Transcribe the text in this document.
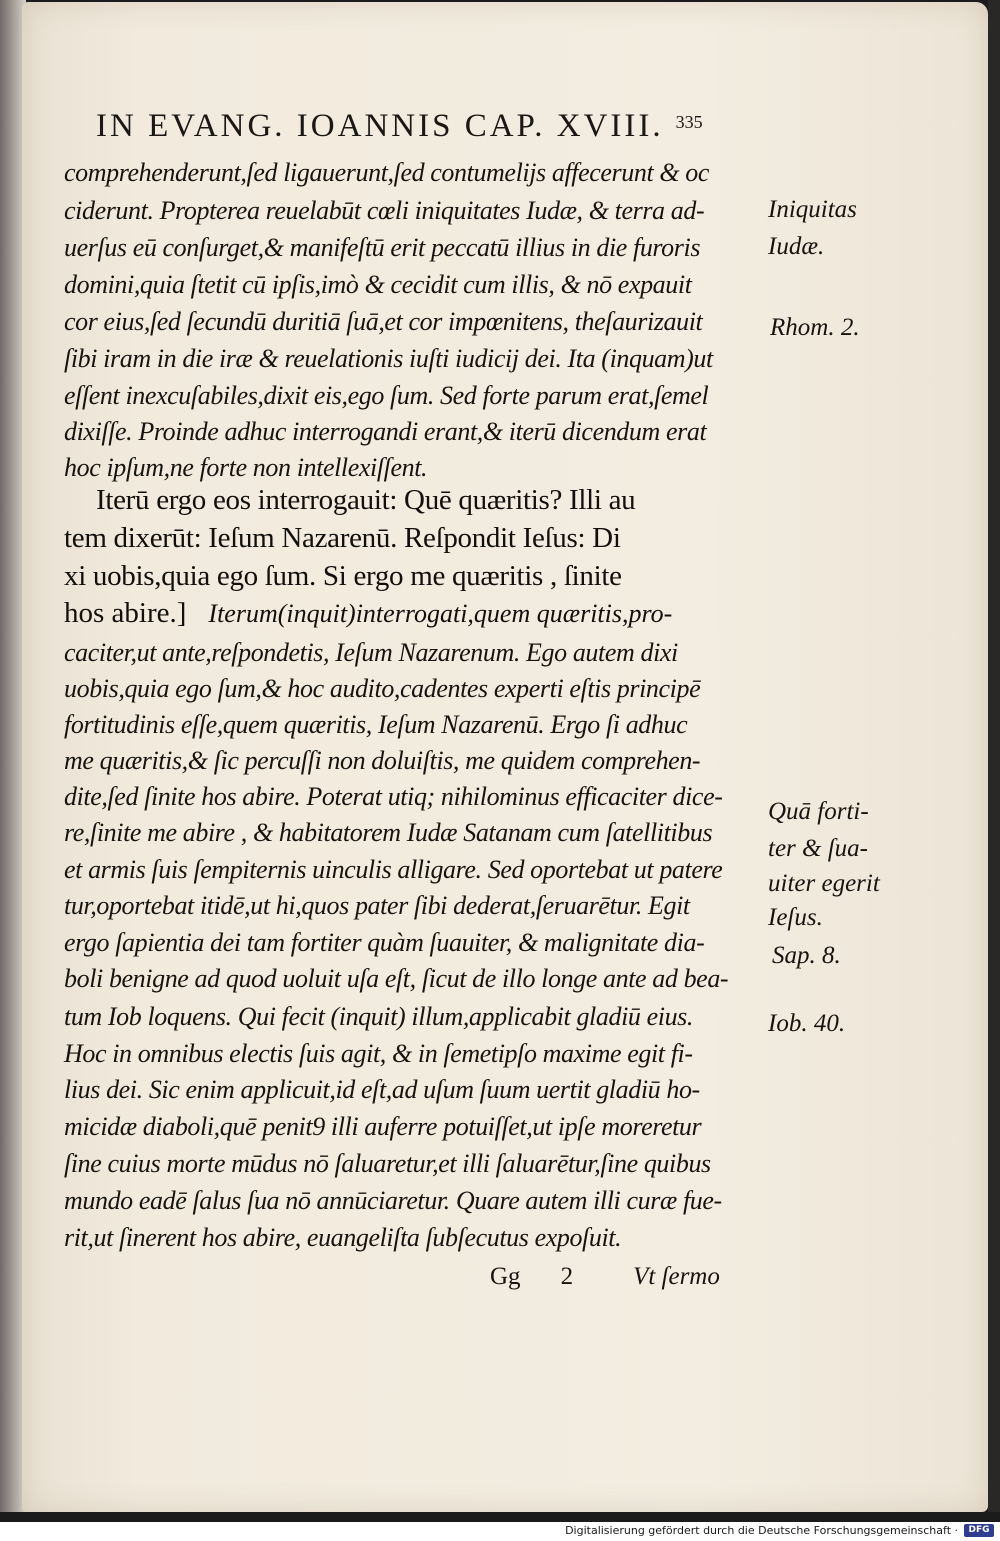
IN EVANG. IOANNIS CAP. XVIII. $^{335}$
comprehenderunt,ſed ligauerunt,ſed contumelijs affecerunt & oc
ciderunt. Propterea reuelabūt cœli iniquitates Iudæ, & terra ad-
uerſus eū conſurget,& manifeſtū erit peccatū illius in die furoris
domini,quia ſtetit cū ipſis,imò & cecidit cum illis, & nō expauit
cor eius,ſed ſecundū duritiā ſuā,et cor impœnitens, theſaurizauit
ſibi iram in die iræ & reuelationis iuſti iudicij dei. Ita (inquam)ut
eſſent inexcuſabiles,dixit eis,ego ſum. Sed forte parum erat,ſemel
dixiſſe. Proinde adhuc interrogandi erant,& iterū dicendum erat
hoc ipſum,ne forte non intellexiſſent.
Iterū ergo eos interrogauit: Quē quæritis? Illi au
tem dixerūt: Ieſum Nazarenū. Reſpondit Ieſus: Di
xi uobis,quia ego ſum. Si ergo me quæritis , ſinite
hos abire.] Iterum(inquit)interrogati,quem quæritis,pro-
caciter,ut ante,reſpondetis, Ieſum Nazarenum. Ego autem dixi
uobis,quia ego ſum,& hoc audito,cadentes experti eſtis principē
fortitudinis eſſe,quem quæritis, Ieſum Nazarenū. Ergo ſi adhuc
me quæritis,& ſic percuſſi non doluiſtis, me quidem comprehen-
dite,ſed ſinite hos abire. Poterat utiq; nihilominus efficaciter dice-
re,ſinite me abire , & habitatorem Iudæ Satanam cum ſatellitibus
et armis ſuis ſempiternis uinculis alligare. Sed oportebat ut patere
tur,oportebat itidē,ut hi,quos pater ſibi dederat,ſeruarētur. Egit
ergo ſapientia dei tam fortiter quàm ſuauiter, & malignitate dia-
boli benigne ad quod uoluit uſa eſt, ſicut de illo longe ante ad bea-
tum Iob loquens. Qui fecit (inquit) illum,applicabit gladiū eius.
Hoc in omnibus electis ſuis agit, & in ſemetipſo maxime egit fi-
lius dei. Sic enim applicuit,id eſt,ad uſum ſuum uertit gladiū ho-
micidæ diaboli,quē penit9 illi auferre potuiſſet,ut ipſe moreretur
ſine cuius morte mūdus nō ſaluaretur,et illi ſaluarētur,ſine quibus
mundo eadē ſalus ſua nō annūciaretur. Quare autem illi curæ fue-
rit,ut ſinerent hos abire, euangeliſta ſubſecutus expoſuit.
Iniquitas
Iudæ.
Rhom. 2.
Quā forti-
ter & ſua-
uiter egerit
Ieſus.
Sap. 8.
Iob. 40.
Gg 2 Vt ſermo
Digitalisierung gefördert durch die Deutsche Forschungsgemeinschaft ·	DFG
